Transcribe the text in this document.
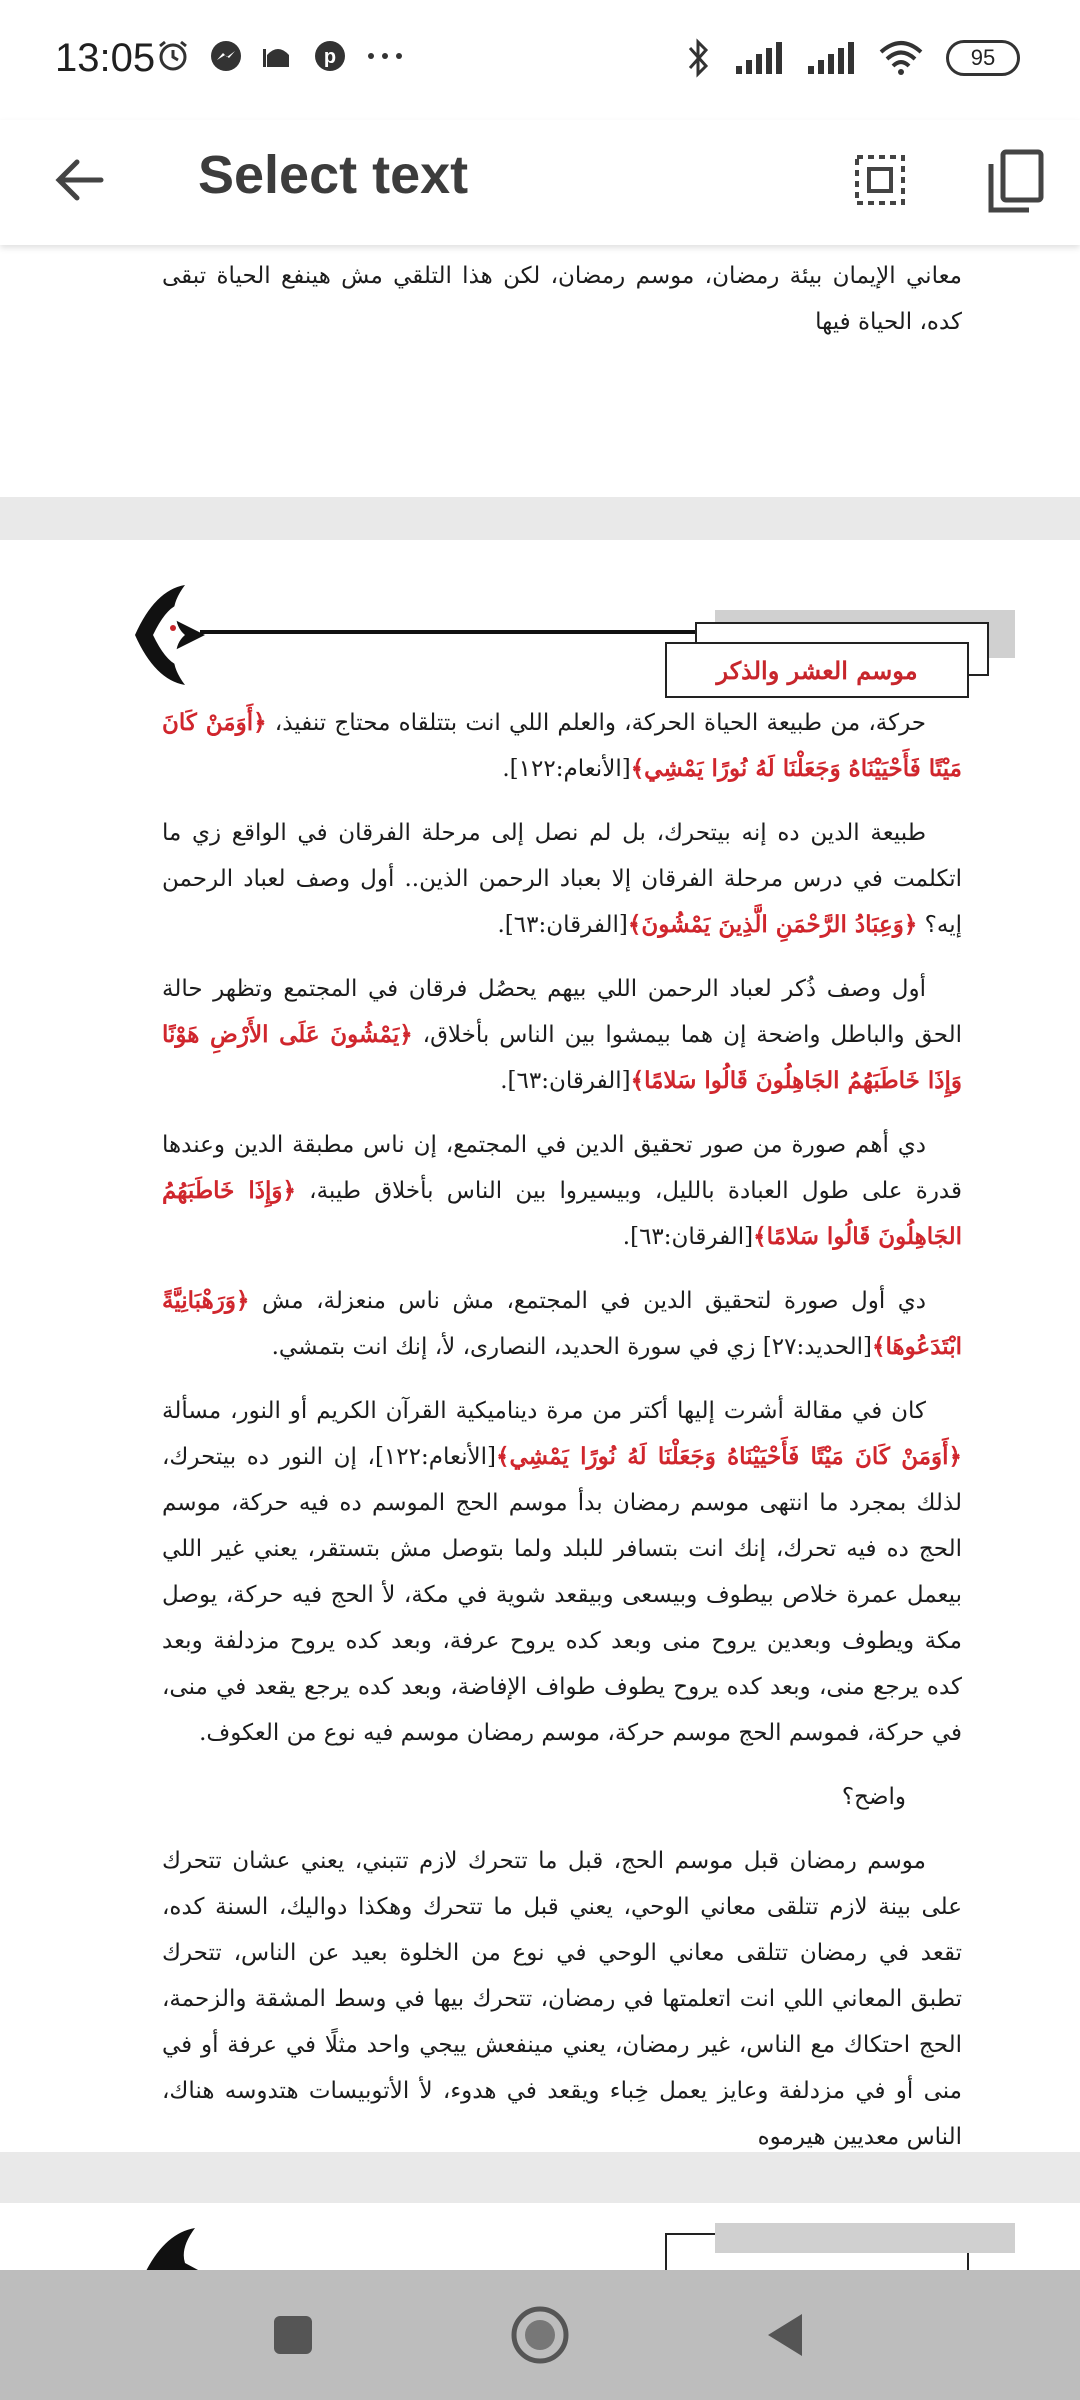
13:05	p	95
Select text
معاني الإيمان بيئة رمضان، موسم رمضان، لكن هذا التلقي مش هينفع الحياة تبقى كده، الحياة فيها
موسم العشر والذكر

حركة، من طبيعة الحياة الحركة، والعلم اللي انت بتتلقاه محتاج تنفيذ، ﴿أَوَمَنْ كَانَ مَيْتًا فَأَحْيَيْنَاهُ وَجَعَلْنَا لَهُ نُورًا يَمْشِي﴾[الأنعام:١٢٢].

طبيعة الدين ده إنه بيتحرك، بل لم نصل إلى مرحلة الفرقان في الواقع زي ما اتكلمت في درس مرحلة الفرقان إلا بعباد الرحمن الذين.. أول وصف لعباد الرحمن إيه؟ ﴿وَعِبَادُ الرَّحْمَنِ الَّذِينَ يَمْشُونَ﴾[الفرقان:٦٣].

أول وصف ذُكر لعباد الرحمن اللي بيهم يحصُل فرقان في المجتمع وتظهر حالة الحق والباطل واضحة إن هما بيمشوا بين الناس بأخلاق، ﴿يَمْشُونَ عَلَى الأَرْضِ هَوْنًا وَإِذَا خَاطَبَهُمُ الجَاهِلُونَ قَالُوا سَلامًا﴾[الفرقان:٦٣].

دي أهم صورة من صور تحقيق الدين في المجتمع، إن ناس مطبقة الدين وعندها قدرة على طول العبادة بالليل، وبيسيروا بين الناس بأخلاق طيبة، ﴿وَإِذَا خَاطَبَهُمُ الجَاهِلُونَ قَالُوا سَلامًا﴾[الفرقان:٦٣].

دي أول صورة لتحقيق الدين في المجتمع، مش ناس منعزلة، مش ﴿وَرَهْبَانِيَّةً ابْتَدَعُوهَا﴾[الحديد:٢٧] زي في سورة الحديد، النصارى، لأ، إنك انت بتمشي.

كان في مقالة أشرت إليها أكتر من مرة ديناميكية القرآن الكريم أو النور، مسألة ﴿أَوَمَنْ كَانَ مَيْتًا فَأَحْيَيْنَاهُ وَجَعَلْنَا لَهُ نُورًا يَمْشِي﴾[الأنعام:١٢٢]، إن النور ده بيتحرك، لذلك بمجرد ما انتهى موسم رمضان بدأ موسم الحج الموسم ده فيه حركة، موسم الحج ده فيه تحرك، إنك انت بتسافر للبلد ولما بتوصل مش بتستقر، يعني غير اللي بيعمل عمرة خلاص بيطوف وبيسعى وبيقعد شوية في مكة، لأ الحج فيه حركة، يوصل مكة ويطوف وبعدين يروح منى وبعد كده يروح عرفة، وبعد كده يروح مزدلفة وبعد كده يرجع منى، وبعد كده يروح يطوف طواف الإفاضة، وبعد كده يرجع يقعد في منى، في حركة، فموسم الحج موسم حركة، موسم رمضان موسم فيه نوع من العكوف.

واضح؟

موسم رمضان قبل موسم الحج، قبل ما تتحرك لازم تتبني، يعني عشان تتحرك على بينة لازم تتلقى معاني الوحي، يعني قبل ما تتحرك وهكذا دواليك، السنة كده، تقعد في رمضان تتلقى معاني الوحي في نوع من الخلوة بعيد عن الناس، تتحرك تطبق المعاني اللي انت اتعلمتها في رمضان، تتحرك بيها في وسط المشقة والزحمة، الحج احتكاك مع الناس، غير رمضان، يعني مينفعش ييجي واحد مثلًا في عرفة أو في منى أو في مزدلفة وعايز يعمل خِباء ويقعد في هدوء، لأ الأتوبيسات هتدوسه هناك، الناس معديين هيرموه
